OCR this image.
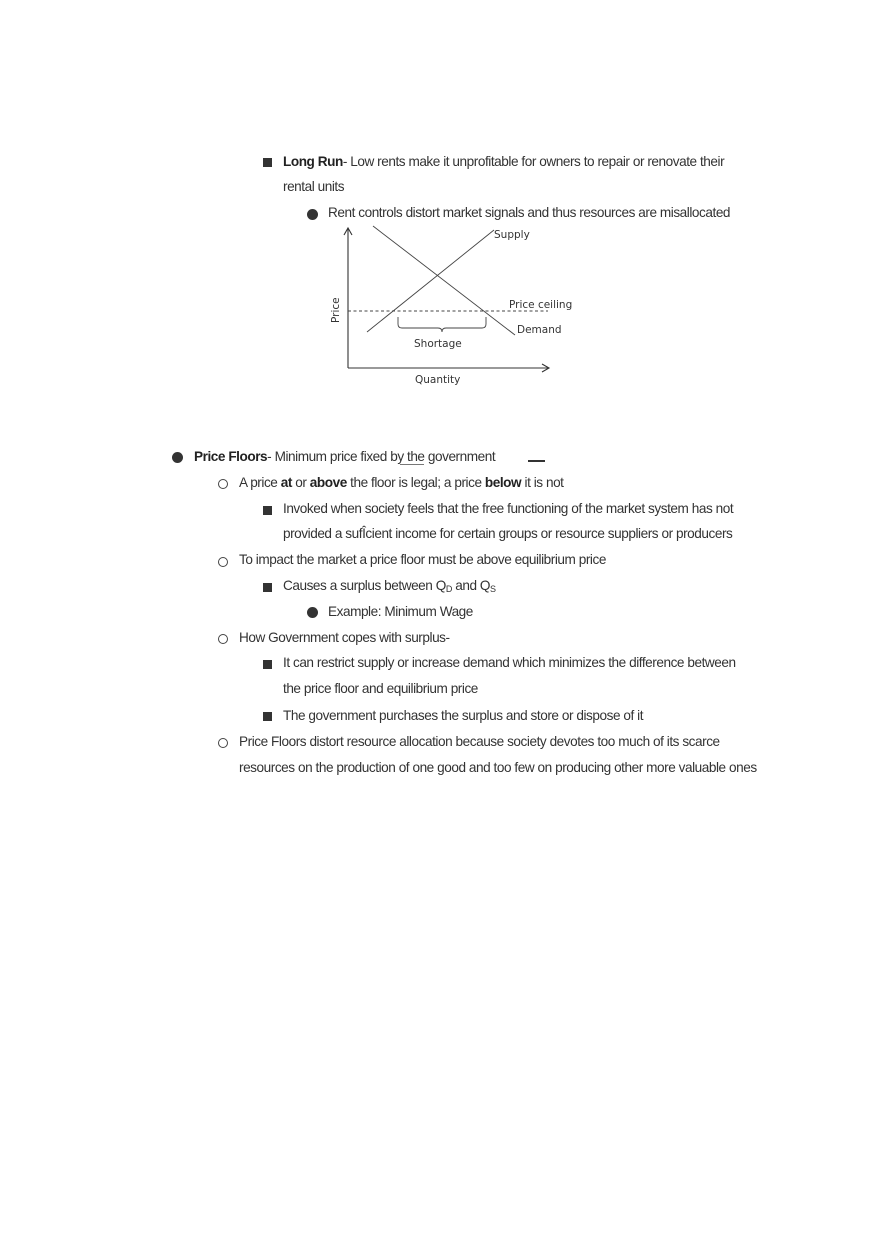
Long Run- Low rents make it unprofitable for owners to repair or renovate their
rental units
Rent controls distort market signals and thus resources are misallocated
Supply
Price ceiling
Demand
Shortage
Price
Quantity
Price Floors- Minimum price fixed by the government
A price at or above the floor is legal; a price below it is not
Invoked when society feels that the free functioning of the market system has not
provided a sufÎcient income for certain groups or resource suppliers or producers
To impact the market a price floor must be above equilibrium price
Causes a surplus between $Q_D$ and $Q_S$
Example: Minimum Wage
How Government copes with surplus-
It can restrict supply or increase demand which minimizes the difference between
the price floor and equilibrium price
The government purchases the surplus and store or dispose of it
Price Floors distort resource allocation because society devotes too much of its scarce
resources on the production of one good and too few on producing other more valuable ones
